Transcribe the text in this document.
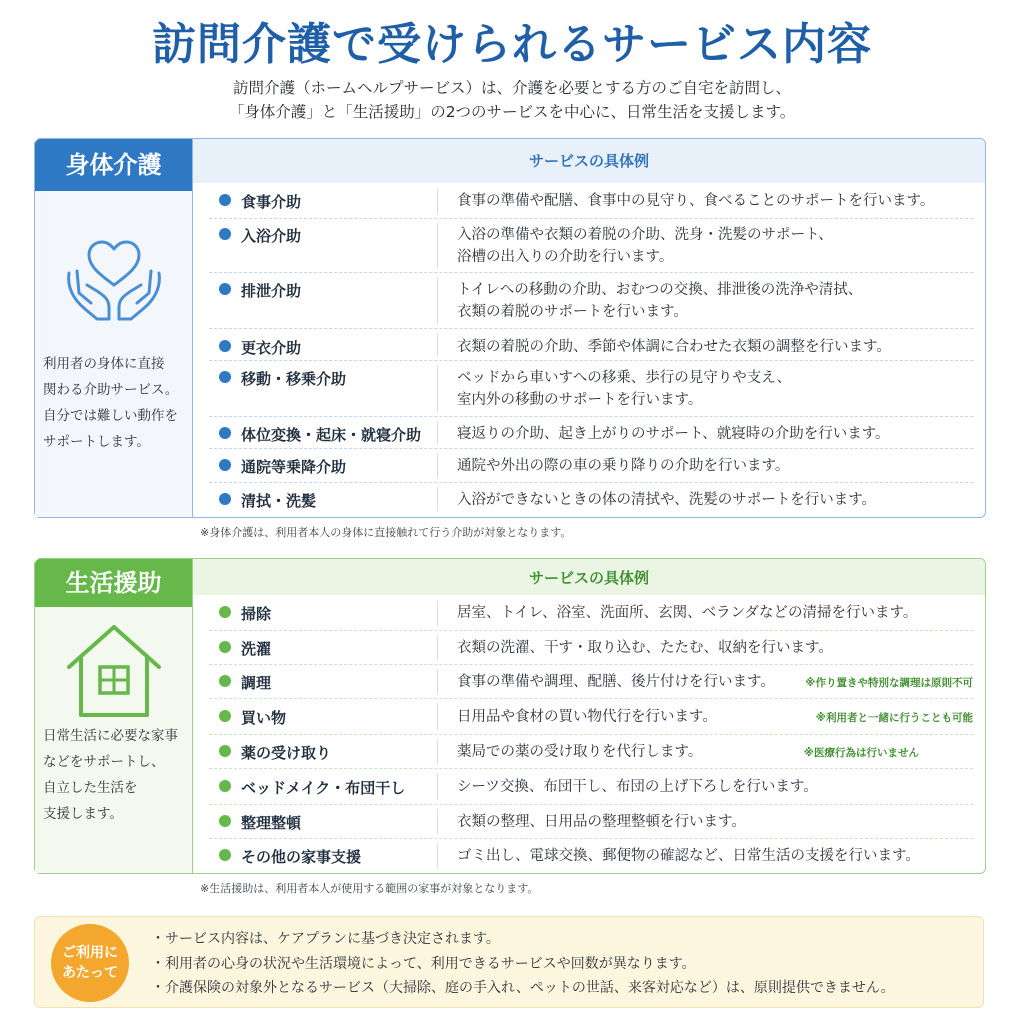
訪問介護で受けられるサービス内容
訪問介護（ホームヘルプサービス）は、介護を必要とする方のご自宅を訪問し、
「身体介護」と「生活援助」の2つのサービスを中心に、日常生活を支援します。
身体介護
利用者の身体に直接
関わる介助サービス。
自分では難しい動作を
サポートします。
サービスの具体例
食事介助	食事の準備や配膳、食事中の見守り、食べることのサポートを行います。
入浴介助	入浴の準備や衣類の着脱の介助、洗身・洗髪のサポート、
浴槽の出入りの介助を行います。
排泄介助	トイレへの移動の介助、おむつの交換、排泄後の洗浄や清拭、
衣類の着脱のサポートを行います。
更衣介助	衣類の着脱の介助、季節や体調に合わせた衣類の調整を行います。
移動・移乗介助	ベッドから車いすへの移乗、歩行の見守りや支え、
室内外の移動のサポートを行います。
体位変換・起床・就寝介助 寝返りの介助、起き上がりのサポート、就寝時の介助を行います。
通院等乗降介助	通院や外出の際の車の乗り降りの介助を行います。
清拭・洗髪	入浴ができないときの体の清拭や、洗髪のサポートを行います。
※身体介護は、利用者本人の身体に直接触れて行う介助が対象となります。
生活援助
日常生活に必要な家事
などをサポートし、
自立した生活を
支援します。
サービスの具体例
掃除	居室、トイレ、浴室、洗面所、玄関、ベランダなどの清掃を行います。
洗濯	衣類の洗濯、干す・取り込む、たたむ、収納を行います。
調理	食事の準備や調理、配膳、後片付けを行います。	※作り置きや特別な調理は原則不可
買い物	日用品や食材の買い物代行を行います。	※利用者と一緒に行うことも可能
薬の受け取り	薬局での薬の受け取りを代行します。	※医療行為は行いません
ベッドメイク・布団干し	シーツ交換、布団干し、布団の上げ下ろしを行います。
整理整頓	衣類の整理、日用品の整理整頓を行います。
その他の家事支援	ゴミ出し、電球交換、郵便物の確認など、日常生活の支援を行います。
※生活援助は、利用者本人が使用する範囲の家事が対象となります。
ご利用に
あたって
・サービス内容は、ケアプランに基づき決定されます。
・利用者の心身の状況や生活環境によって、利用できるサービスや回数が異なります。
・介護保険の対象外となるサービス（大掃除、庭の手入れ、ペットの世話、来客対応など）は、原則提供できません。
